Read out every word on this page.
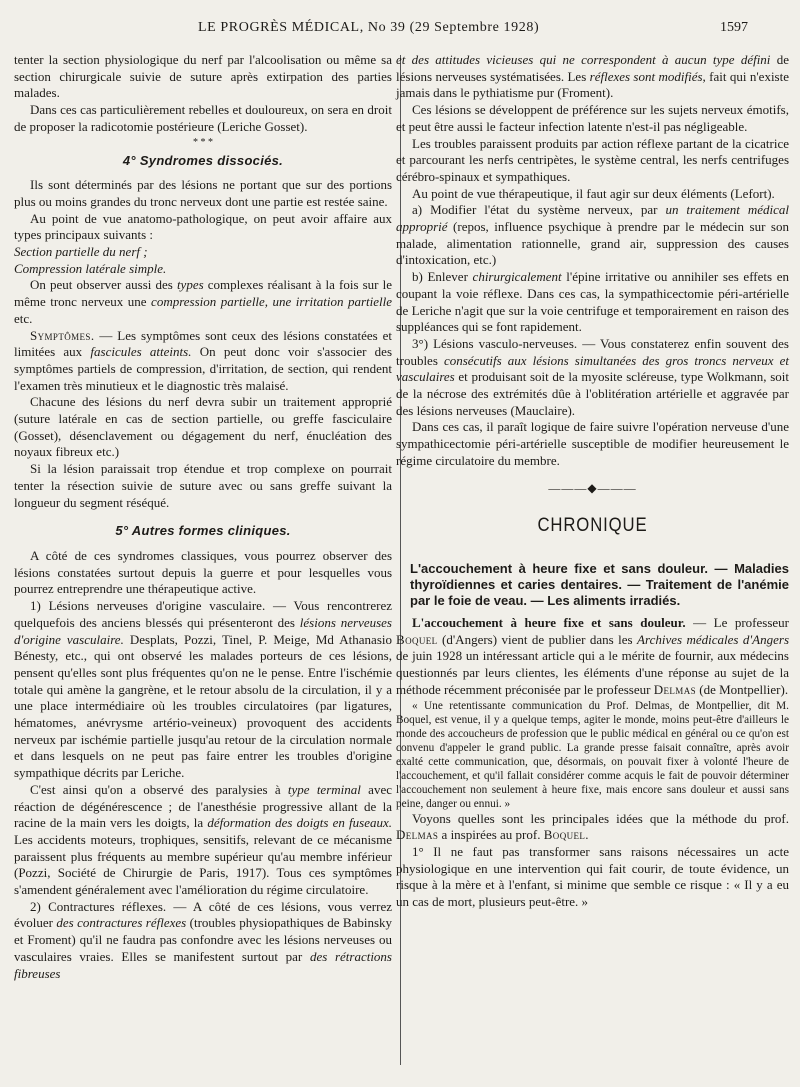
LE PROGRÈS MÉDICAL, No 39 (29 Septembre 1928)	1597

tenter la section physiologique du nerf par l'alcoolisation ou même sa section chirurgicale suivie de suture après extirpation des parties malades.

Dans ces cas particulièrement rebelles et douloureux, on sera en droit de proposer la radicotomie postérieure (Leriche Gosset).

* * *
4° Syndromes dissociés.

Ils sont déterminés par des lésions ne portant que sur des portions plus ou moins grandes du tronc nerveux dont une partie est restée saine.

Au point de vue anatomo-pathologique, on peut avoir affaire aux types principaux suivants :

Section partielle du nerf ;

Compression latérale simple.

On peut observer aussi des types complexes réalisant à la fois sur le même tronc nerveux une compression partielle, une irritation partielle etc.

Symptômes. — Les symptômes sont ceux des lésions constatées et limitées aux fascicules atteints. On peut donc voir s'associer des symptômes partiels de compression, d'irritation, de section, qui rendent l'examen très minutieux et le diagnostic très malaisé.

Chacune des lésions du nerf devra subir un traitement approprié (suture latérale en cas de section partielle, ou greffe fasciculaire (Gosset), désenclavement ou dégagement du nerf, énucléation des noyaux fibreux etc.)

Si la lésion paraissait trop étendue et trop complexe on pourrait tenter la résection suivie de suture avec ou sans greffe suivant la longueur du segment réséqué.

5° Autres formes cliniques.

A côté de ces syndromes classiques, vous pourrez observer des lésions constatées surtout depuis la guerre et pour lesquelles vous pourrez entreprendre une thérapeutique active.

1) Lésions nerveuses d'origine vasculaire. — Vous rencontrerez quelquefois des anciens blessés qui présenteront des lésions nerveuses d'origine vasculaire. Desplats, Pozzi, Tinel, P. Meige, Md Athanasio Bénesty, etc., qui ont observé les malades porteurs de ces lésions, pensent qu'elles sont plus fréquentes qu'on ne le pense. Entre l'ischémie totale qui amène la gangrène, et le retour absolu de la circulation, il y a une place intermédiaire où les troubles circulatoires (par ligatures, hématomes, anévrysme artério-veineux) provoquent des accidents nerveux par ischémie partielle jusqu'au retour de la circulation normale et dans lesquels on ne peut pas faire entrer les troubles d'origine sympathique décrits par Leriche.

C'est ainsi qu'on a observé des paralysies à type terminal avec réaction de dégénérescence ; de l'anesthésie progressive allant de la racine de la main vers les doigts, la déformation des doigts en fuseaux. Les accidents moteurs, trophiques, sensitifs, relevant de ce mécanisme paraissent plus fréquents au membre supérieur qu'au membre inférieur (Pozzi, Société de Chirurgie de Paris, 1917). Tous ces symptômes s'amendent généralement avec l'amélioration du régime circulatoire.

2) Contractures réflexes. — A côté de ces lésions, vous verrez évoluer des contractures réflexes (troubles physiopathiques de Babinsky et Froment) qu'il ne faudra pas confondre avec les lésions nerveuses ou vasculaires vraies. Elles se manifestent surtout par des rétractions fibreuses

et des attitudes vicieuses qui ne correspondent à aucun type défini de lésions nerveuses systématisées. Les réflexes sont modifiés, fait qui n'existe jamais dans le pythiatisme pur (Froment).

Ces lésions se développent de préférence sur les sujets nerveux émotifs, et peut être aussi le facteur infection latente n'est-il pas négligeable.

Les troubles paraissent produits par action réflexe partant de la cicatrice et parcourant les nerfs centripètes, le système central, les nerfs centrifuges cérébro-spinaux et sympathiques.

Au point de vue thérapeutique, il faut agir sur deux éléments (Lefort).

a) Modifier l'état du système nerveux, par un traitement médical approprié (repos, influence psychique à prendre par le médecin sur son malade, alimentation rationnelle, grand air, suppression des causes d'intoxication, etc.)

b) Enlever chirurgicalement l'épine irritative ou annihiler ses effets en coupant la voie réflexe. Dans ces cas, la sympathicectomie péri-artérielle de Leriche n'agit que sur la voie centrifuge et temporairement en raison des suppléances qui se font rapidement.

3°) Lésions vasculo-nerveuses. — Vous constaterez enfin souvent des troubles consécutifs aux lésions simultanées des gros troncs nerveux et vasculaires et produisant soit de la myosite scléreuse, type Wolkmann, soit de la nécrose des extrémités dûe à l'oblitération artérielle et aggravée par des lésions nerveuses (Mauclaire).

Dans ces cas, il paraît logique de faire suivre l'opération nerveuse d'une sympathicectomie péri-artérielle susceptible de modifier heureusement le régime circulatoire du membre.

———◆———
CHRONIQUE
L'accouchement à heure fixe et sans douleur. — Maladies thyroïdiennes et caries dentaires. — Traitement de l'anémie par le foie de veau. — Les aliments irradiés.

L'accouchement à heure fixe et sans douleur. — Le professeur Boquel (d'Angers) vient de publier dans les Archives médicales d'Angers de juin 1928 un intéressant article qui a le mérite de fournir, aux médecins questionnés par leurs clientes, les éléments d'une réponse au sujet de la méthode récemment préconisée par le professeur Delmas (de Montpellier).

« Une retentissante communication du Prof. Delmas, de Montpellier, dit M. Boquel, est venue, il y a quelque temps, agiter le monde, moins peut-être d'ailleurs le monde des accoucheurs de profession que le public médical en général ou ce qu'on est convenu d'appeler le grand public. La grande presse faisait connaître, après avoir exalté cette communication, que, désormais, on pouvait fixer à volonté l'heure de l'accouchement, et qu'il fallait considérer comme acquis le fait de pouvoir déterminer l'accouchement non seulement à heure fixe, mais encore sans douleur et aussi sans peine, danger ou ennui. »

Voyons quelles sont les principales idées que la méthode du prof. Delmas a inspirées au prof. Boquel.

1° Il ne faut pas transformer sans raisons nécessaires un acte physiologique en une intervention qui fait courir, de toute évidence, un risque à la mère et à l'enfant, si minime que semble ce risque : « Il y a eu un cas de mort, plusieurs peut-être. »
